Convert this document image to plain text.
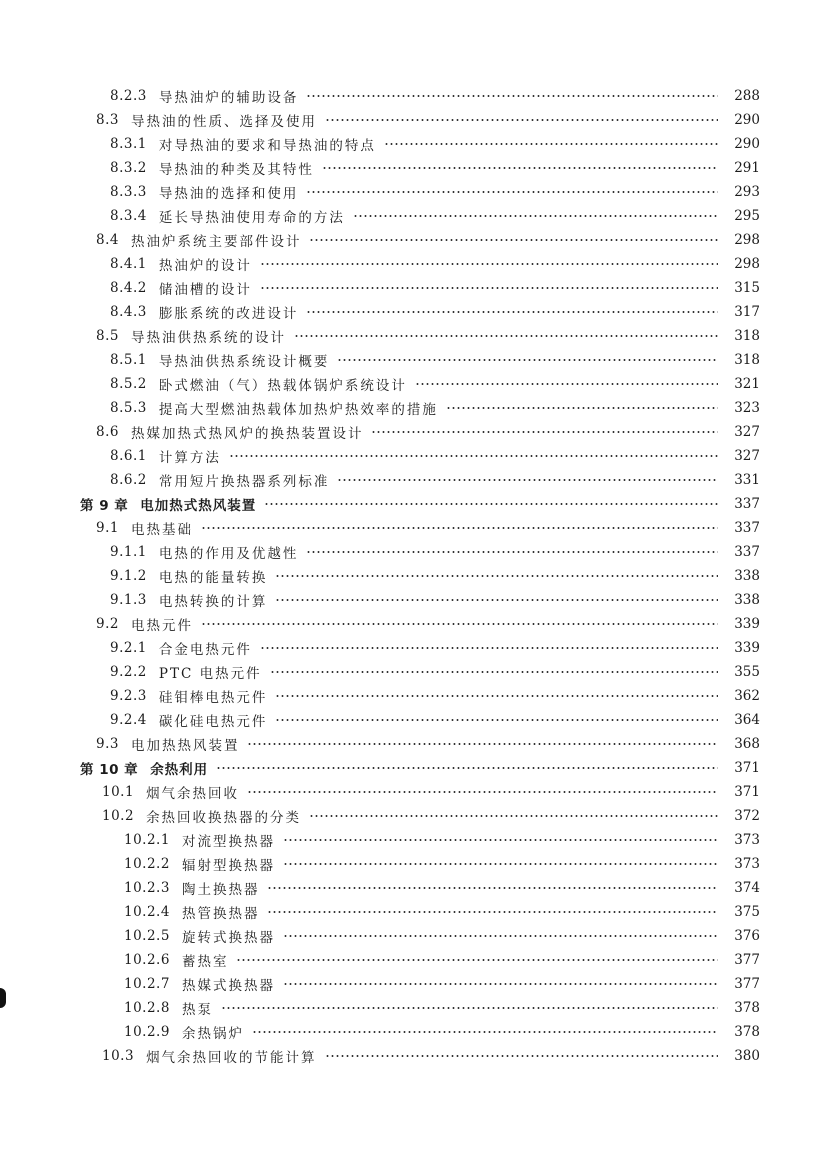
8.2.3 导热油炉的辅助设备	288
8.3 导热油的性质、选择及使用	290
8.3.1 对导热油的要求和导热油的特点	290
8.3.2 导热油的种类及其特性	291
8.3.3 导热油的选择和使用	293
8.3.4 延长导热油使用寿命的方法	295
8.4 热油炉系统主要部件设计	298
8.4.1 热油炉的设计	298
8.4.2 储油槽的设计	315
8.4.3 膨胀系统的改进设计	317
8.5 导热油供热系统的设计	318
8.5.1 导热油供热系统设计概要	318
8.5.2 卧式燃油（气）热载体锅炉系统设计	321
8.5.3 提高大型燃油热载体加热炉热效率的措施	323
8.6 热媒加热式热风炉的换热装置设计	327
8.6.1 计算方法	327
8.6.2 常用短片换热器系列标准	331
第 9 章 电加热式热风装置	337
9.1 电热基础	337
9.1.1 电热的作用及优越性	337
9.1.2 电热的能量转换	338
9.1.3 电热转换的计算	338
9.2 电热元件	339
9.2.1 合金电热元件	339
9.2.2 PTC 电热元件	355
9.2.3 硅钼棒电热元件	362
9.2.4 碳化硅电热元件	364
9.3 电加热热风装置	368
第 10 章 余热利用	371
10.1 烟气余热回收	371
10.2 余热回收换热器的分类	372
10.2.1 对流型换热器	373
10.2.2 辐射型换热器	373
10.2.3 陶土换热器	374
10.2.4 热管换热器	375
10.2.5 旋转式换热器	376
10.2.6 蓄热室	377
10.2.7 热媒式换热器	377
10.2.8 热泵	378
10.2.9 余热锅炉	378
10.3 烟气余热回收的节能计算	380
